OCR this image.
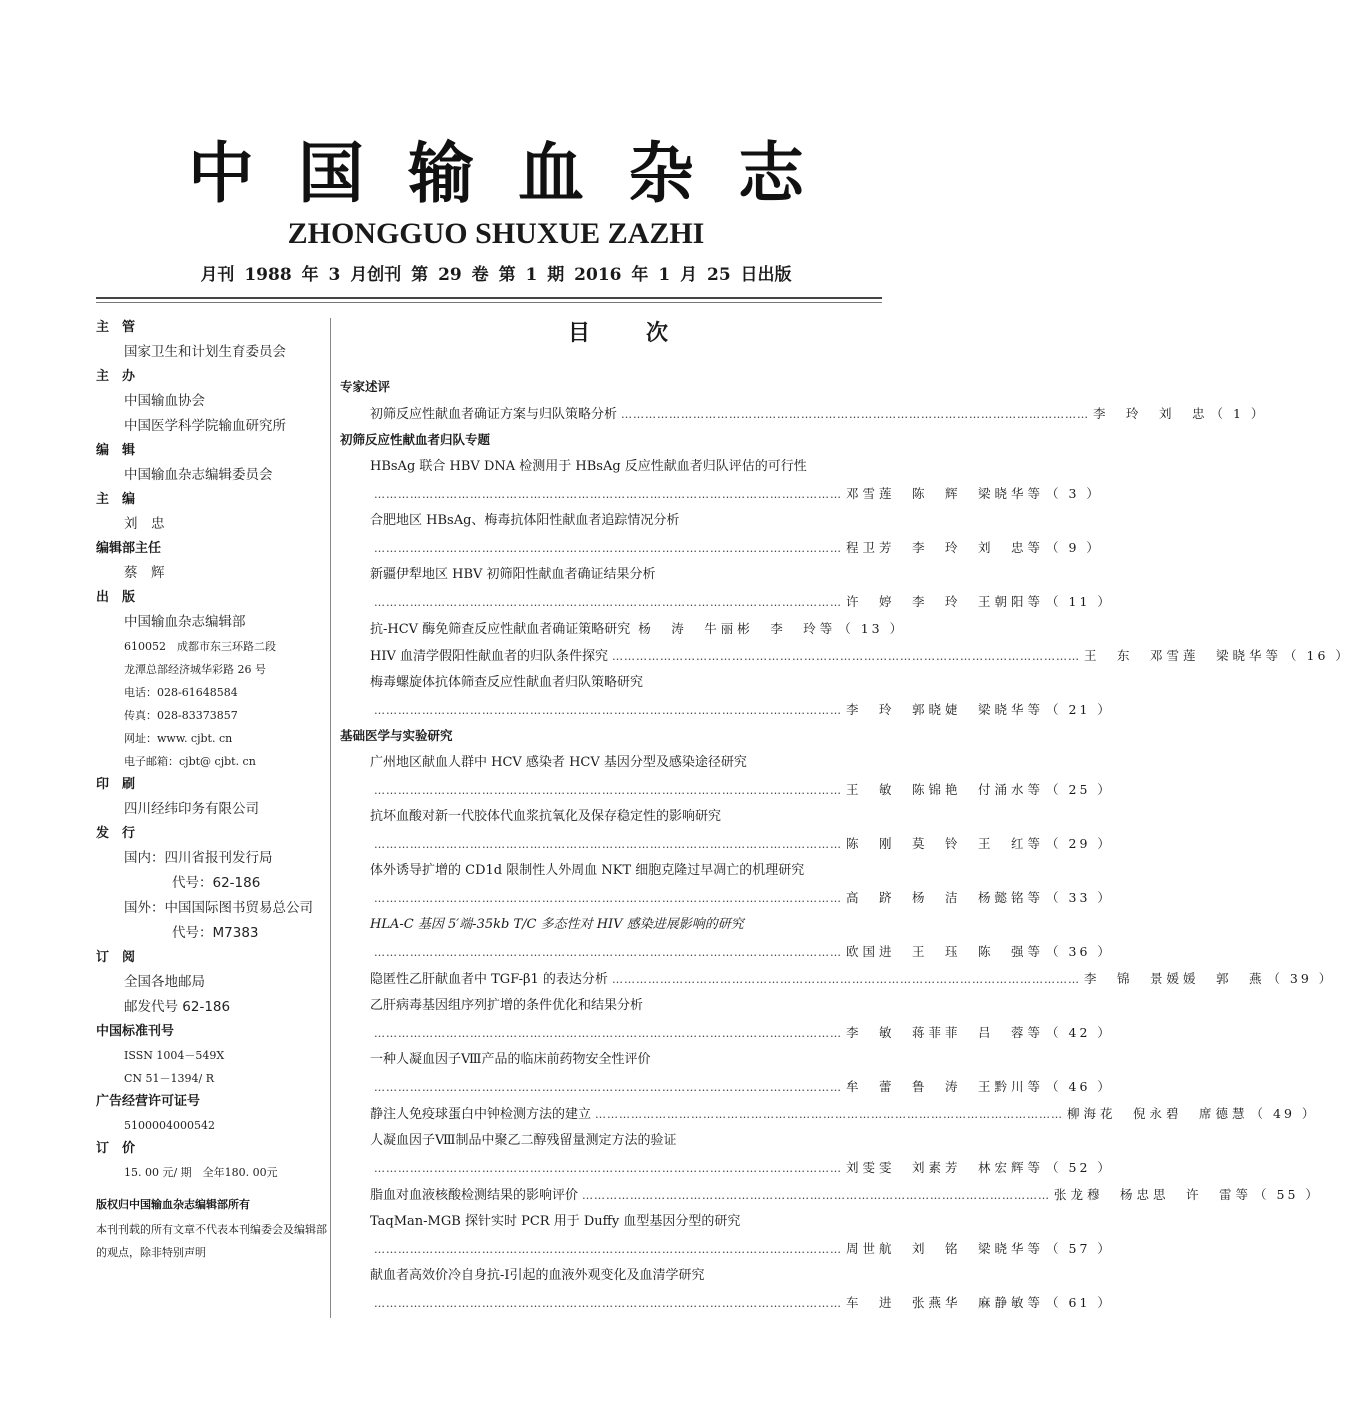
中国输血杂志
ZHONGGUO SHUXUE ZAZHI
月刊 1988 年 3 月创刊 第 29 卷 第 1 期 2016 年 1 月 25 日出版
主　管
国家卫生和计划生育委员会
主　办
中国输血协会
中国医学科学院输血研究所
编　辑
中国输血杂志编辑委员会
主　编
刘　忠
编辑部主任
蔡　辉
出　版
中国输血杂志编辑部
610052　成都市东三环路二段
龙潭总部经济城华彩路 26 号
电话：028-61648584
传真：028-83373857
网址：www. cjbt. cn
电子邮箱：cjbt@ cjbt. cn
印　刷
四川经纬印务有限公司
发　行
国内：四川省报刊发行局
代号：62-186
国外：中国国际图书贸易总公司
代号：M7383
订　阅
全国各地邮局
邮发代号 62-186
中国标准刊号
ISSN 1004－549X
CN 51－1394/ R
广告经营许可证号
5100004000542
订　价
15. 00 元/ 期　全年180. 00元
版权归中国输血杂志编辑部所有
本刊刊载的所有文章不代表本刊编委会及编辑部的观点，除非特别声明
目次
专家述评
初筛反应性献血者确证方案与归队策略分析 ……………………………………………………………………………………………………… 李　玲　刘　忠 （ 1 ）
初筛反应性献血者归队专题
HBsAg 联合 HBV DNA 检测用于 HBsAg 反应性献血者归队评估的可行性
……………………………………………………………………………………………………… 邓雪莲　陈　辉　梁晓华等 （ 3 ）
合肥地区 HBsAg、梅毒抗体阳性献血者追踪情况分析
……………………………………………………………………………………………………… 程卫芳　李　玲　刘　忠等 （ 9 ）
新疆伊犁地区 HBV 初筛阳性献血者确证结果分析
……………………………………………………………………………………………………… 许　婷　李　玲　王朝阳等 （ 11 ）
抗-HCV 酶免筛查反应性献血者确证策略研究 杨　涛　牛丽彬　李　玲等 （ 13 ）
HIV 血清学假阳性献血者的归队条件探究 ……………………………………………………………………………………………………… 王　东　邓雪莲　梁晓华等 （ 16 ）
梅毒螺旋体抗体筛查反应性献血者归队策略研究
……………………………………………………………………………………………………… 李　玲　郭晓婕　梁晓华等 （ 21 ）
基础医学与实验研究
广州地区献血人群中 HCV 感染者 HCV 基因分型及感染途径研究
……………………………………………………………………………………………………… 王　敏　陈锦艳　付涌水等 （ 25 ）
抗坏血酸对新一代胶体代血浆抗氧化及保存稳定性的影响研究
……………………………………………………………………………………………………… 陈　刚　莫　铃　王　红等 （ 29 ）
体外诱导扩增的 CD1d 限制性人外周血 NKT 细胞克隆过早凋亡的机理研究
……………………………………………………………………………………………………… 高　跻　杨　洁　杨懿铭等 （ 33 ）
HLA-C 基因 5′端-35kb T/C 多态性对 HIV 感染进展影响的研究
……………………………………………………………………………………………………… 欧国进　王　珏　陈　强等 （ 36 ）
隐匿性乙肝献血者中 TGF-β1 的表达分析 ……………………………………………………………………………………………………… 李　锦　景媛媛　郭　燕 （ 39 ）
乙肝病毒基因组序列扩增的条件优化和结果分析
……………………………………………………………………………………………………… 李　敏　蒋菲菲　吕　蓉等 （ 42 ）
一种人凝血因子Ⅷ产品的临床前药物安全性评价
……………………………………………………………………………………………………… 牟　蕾　鲁　涛　王黔川等 （ 46 ）
静注人免疫球蛋白中钟检测方法的建立 ……………………………………………………………………………………………………… 柳海花　倪永碧　席德慧 （ 49 ）
人凝血因子Ⅷ制品中聚乙二醇残留量测定方法的验证
……………………………………………………………………………………………………… 刘雯雯　刘素芳　林宏辉等 （ 52 ）
脂血对血液核酸检测结果的影响评价 ……………………………………………………………………………………………………… 张龙穆　杨忠思　许　雷等 （ 55 ）
TaqMan-MGB 探针实时 PCR 用于 Duffy 血型基因分型的研究
……………………………………………………………………………………………………… 周世航　刘　铭　梁晓华等 （ 57 ）
献血者高效价冷自身抗-Ⅰ引起的血液外观变化及血清学研究
……………………………………………………………………………………………………… 车　进　张燕华　麻静敏等 （ 61 ）
